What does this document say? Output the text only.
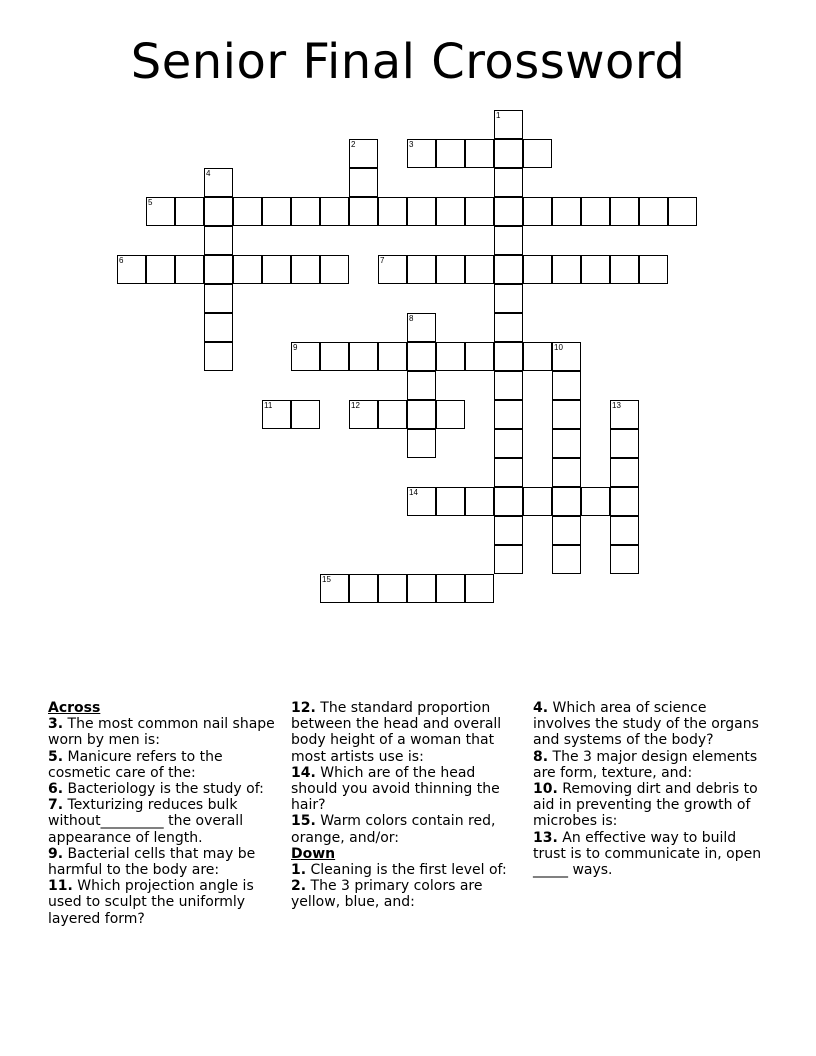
Senior Final Crossword
1
2	3
4
5
6	7
8
9	10
11	12	13
14
15

Across

3. The most common nail shape worn by men is:

5. Manicure refers to the cosmetic care of the:

6. Bacteriology is the study of:

7. Texturizing reduces bulk without_________ the overall appearance of length.

9. Bacterial cells that may be harmful to the body are:

11. Which projection angle is used to sculpt the uniformly layered form?

12. The standard proportion between the head and overall body height of a woman that most artists use is:

14. Which are of the head should you avoid thinning the hair?

15. Warm colors contain red, orange, and/or:

Down

1. Cleaning is the first level of:

2. The 3 primary colors are yellow, blue, and:

4. Which area of science involves the study of the organs and systems of the body?

8. The 3 major design elements are form, texture, and:

10. Removing dirt and debris to aid in preventing the growth of microbes is:

13. An effective way to build trust is to communicate in, open _____ ways.
